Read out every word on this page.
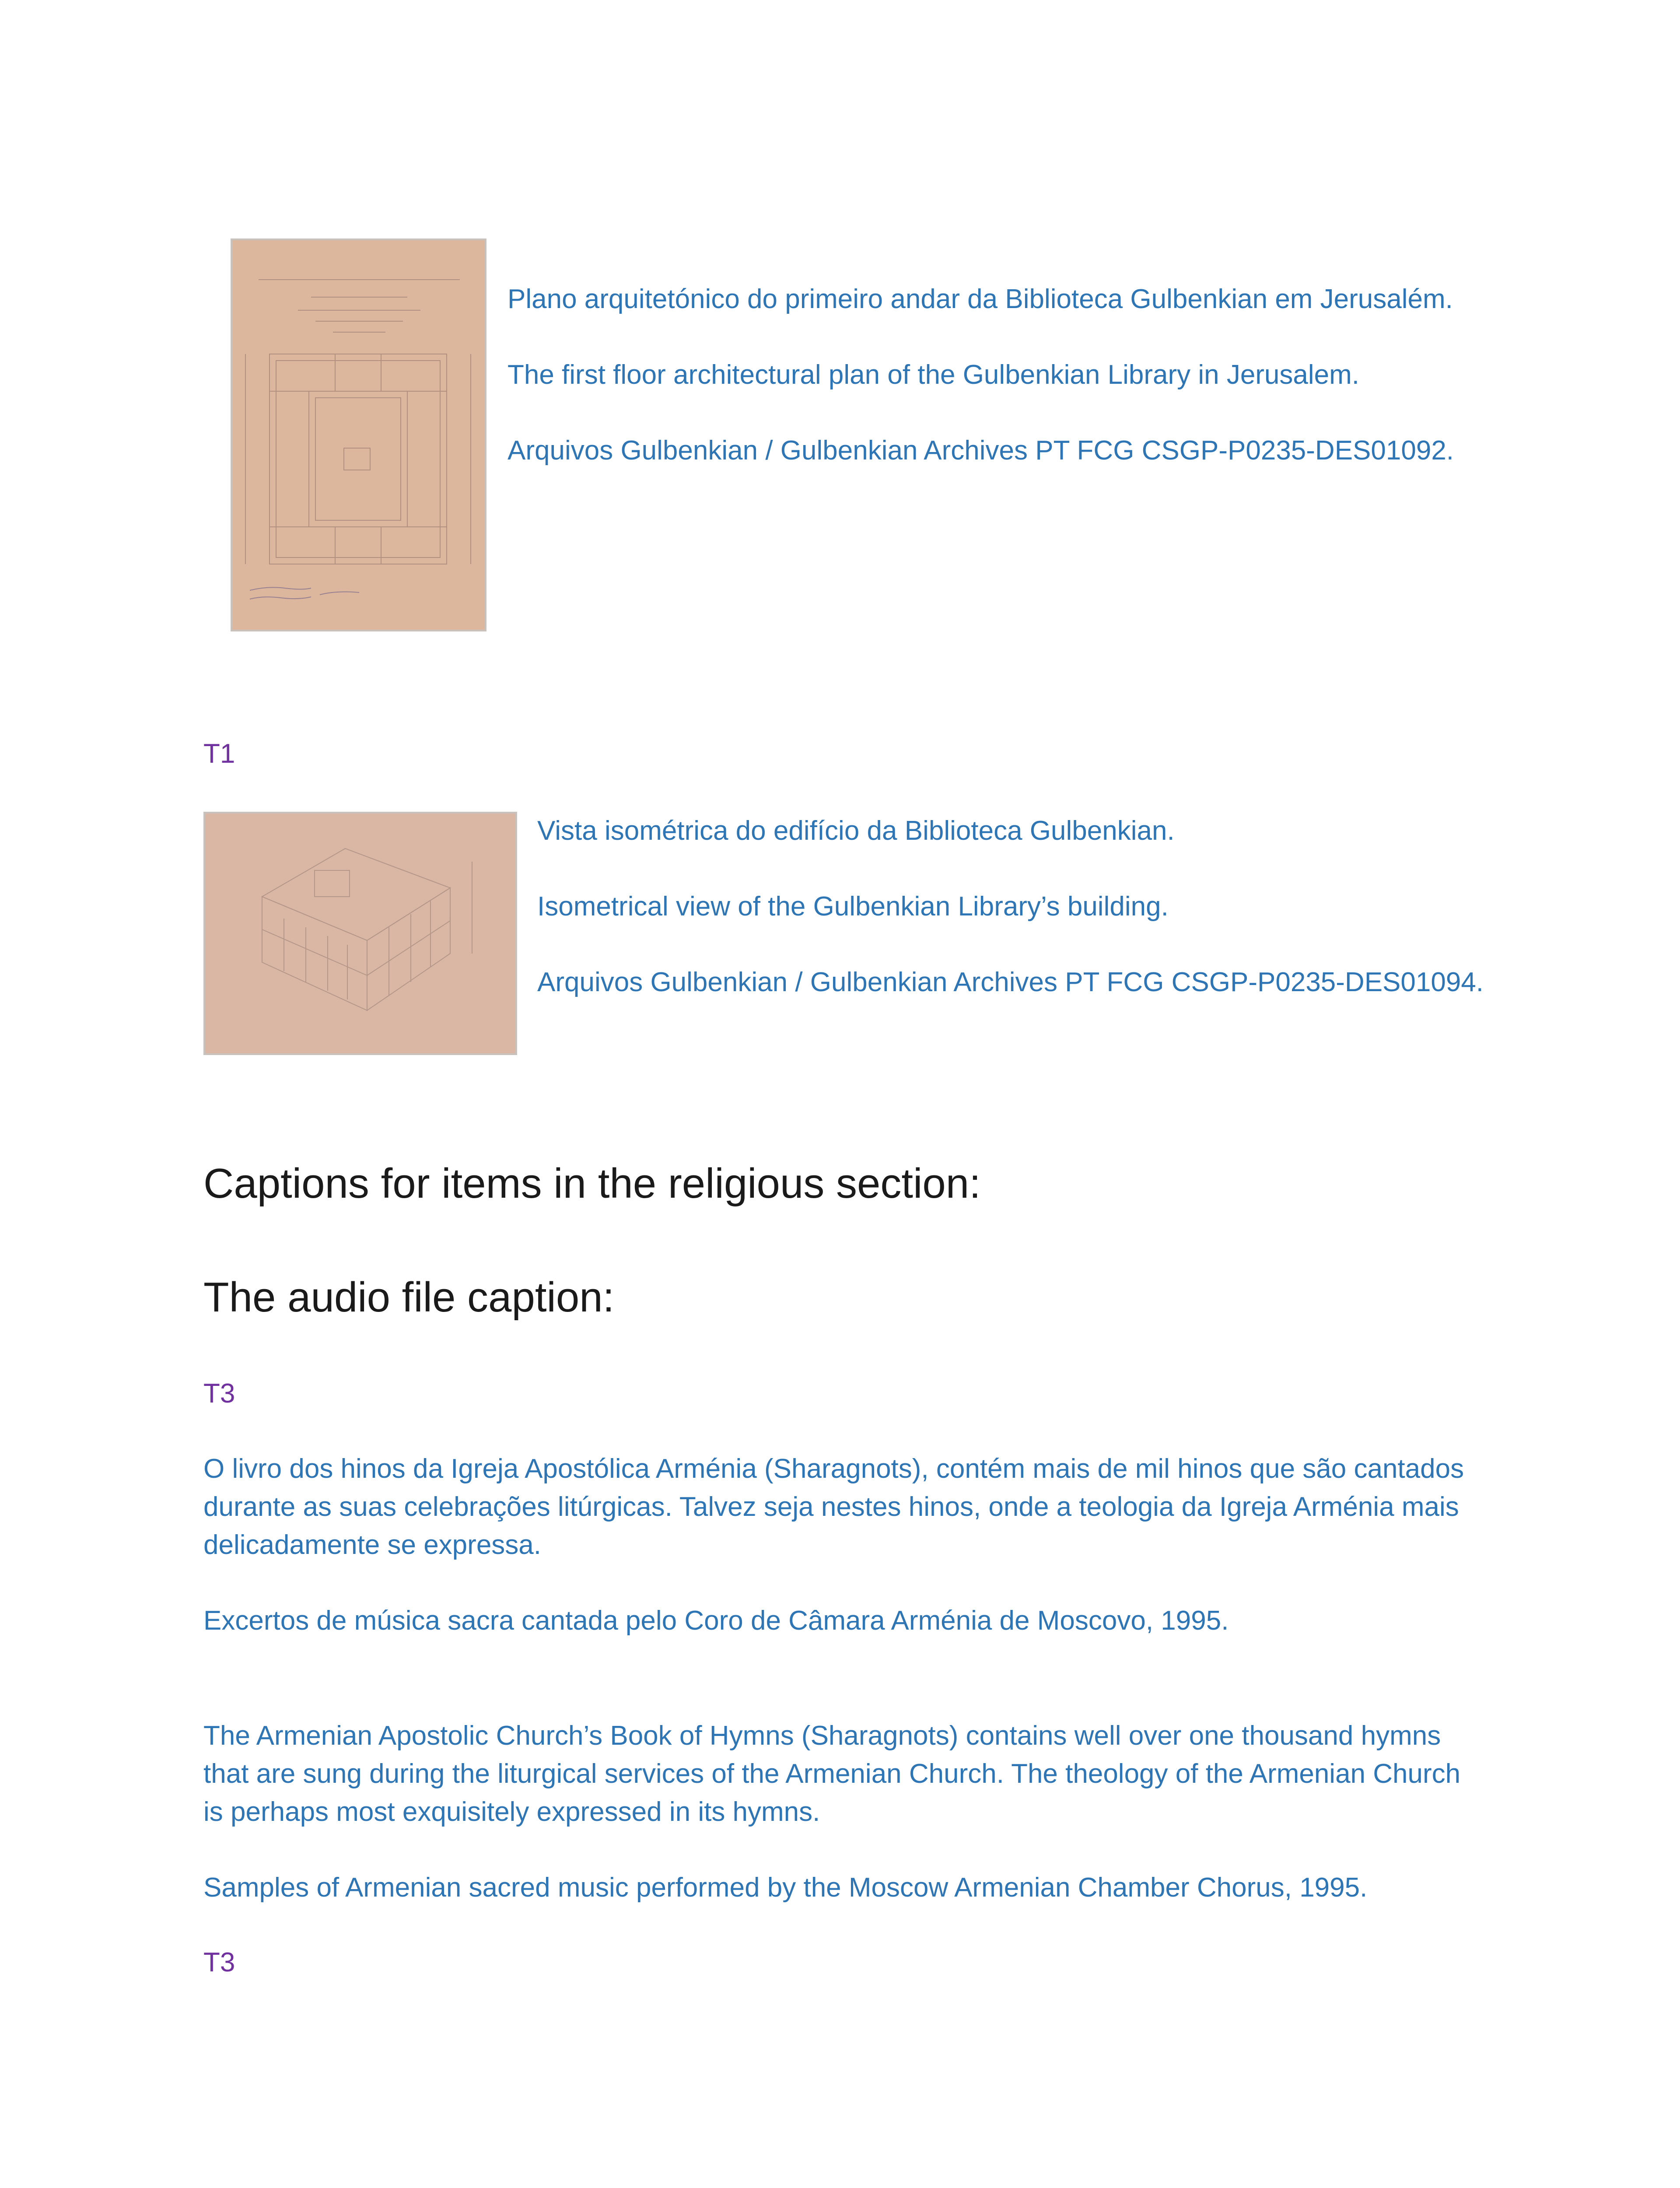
Plano arquitetónico do primeiro andar da Biblioteca Gulbenkian em Jerusalém.

The first floor architectural plan of the Gulbenkian Library in Jerusalem.

Arquivos Gulbenkian / Gulbenkian Archives PT FCG CSGP-P0235-DES01092.

T1

Vista isométrica do edifício da Biblioteca Gulbenkian.

Isometrical view of the Gulbenkian Library’s building.

Arquivos Gulbenkian / Gulbenkian Archives PT FCG CSGP-P0235-DES01094.

Captions for items in the religious section:
The audio file caption:
T3

O livro dos hinos da Igreja Apostólica Arménia (Sharagnots), contém mais de mil hinos que são cantados durante as suas celebrações litúrgicas. Talvez seja nestes hinos, onde a teologia da Igreja Arménia mais delicadamente se expressa.

Excertos de música sacra cantada pelo Coro de Câmara Arménia de Moscovo, 1995.

The Armenian Apostolic Church’s Book of Hymns (Sharagnots) contains well over one thousand hymns that are sung during the liturgical services of the Armenian Church. The theology of the Armenian Church is perhaps most exquisitely expressed in its hymns.

Samples of Armenian sacred music performed by the Moscow Armenian Chamber Chorus, 1995.

T3
